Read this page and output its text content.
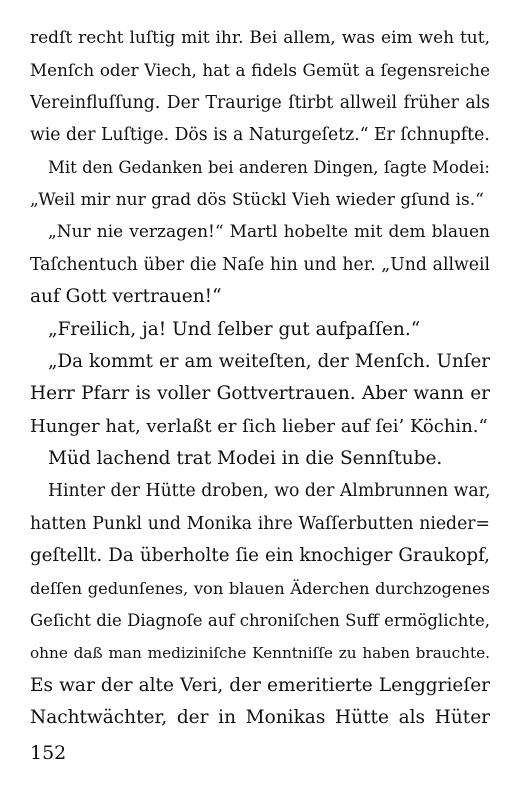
redſt recht luſtig mit ihr. Bei allem, was eim weh tut,
Menſch oder Viech, hat a fidels Gemüt a ſegensreiche
Vereinfluſſung. Der Traurige ſtirbt allweil früher als
wie der Luſtige. Dös is a Naturgeſetz.“ Er ſchnupfte.
Mit den Gedanken bei anderen Dingen, ſagte Modei:
„Weil mir nur grad dös Stückl Vieh wieder gſund is.“
„Nur nie verzagen!“ Martl hobelte mit dem blauen
Taſchentuch über die Naſe hin und her. „Und allweil
auf Gott vertrauen!“
„Freilich, ja! Und ſelber gut aufpaſſen.“
„Da kommt er am weiteſten, der Menſch. Unſer
Herr Pfarr is voller Gottvertrauen. Aber wann er
Hunger hat, verlaßt er ſich lieber auf ſei’ Köchin.“
Müd lachend trat Modei in die Sennſtube.
Hinter der Hütte droben, wo der Almbrunnen war,
hatten Punkl und Monika ihre Waſſerbutten nieder=
geſtellt. Da überholte ſie ein knochiger Graukopf,
deſſen gedunſenes, von blauen Äderchen durchzogenes
Geſicht die Diagnoſe auf chroniſchen Suff ermöglichte,
ohne daß man mediziniſche Kenntniſſe zu haben brauchte.
Es war der alte Veri, der emeritierte Lenggrieſer
Nachtwächter, der in Monikas Hütte als Hüter
152
